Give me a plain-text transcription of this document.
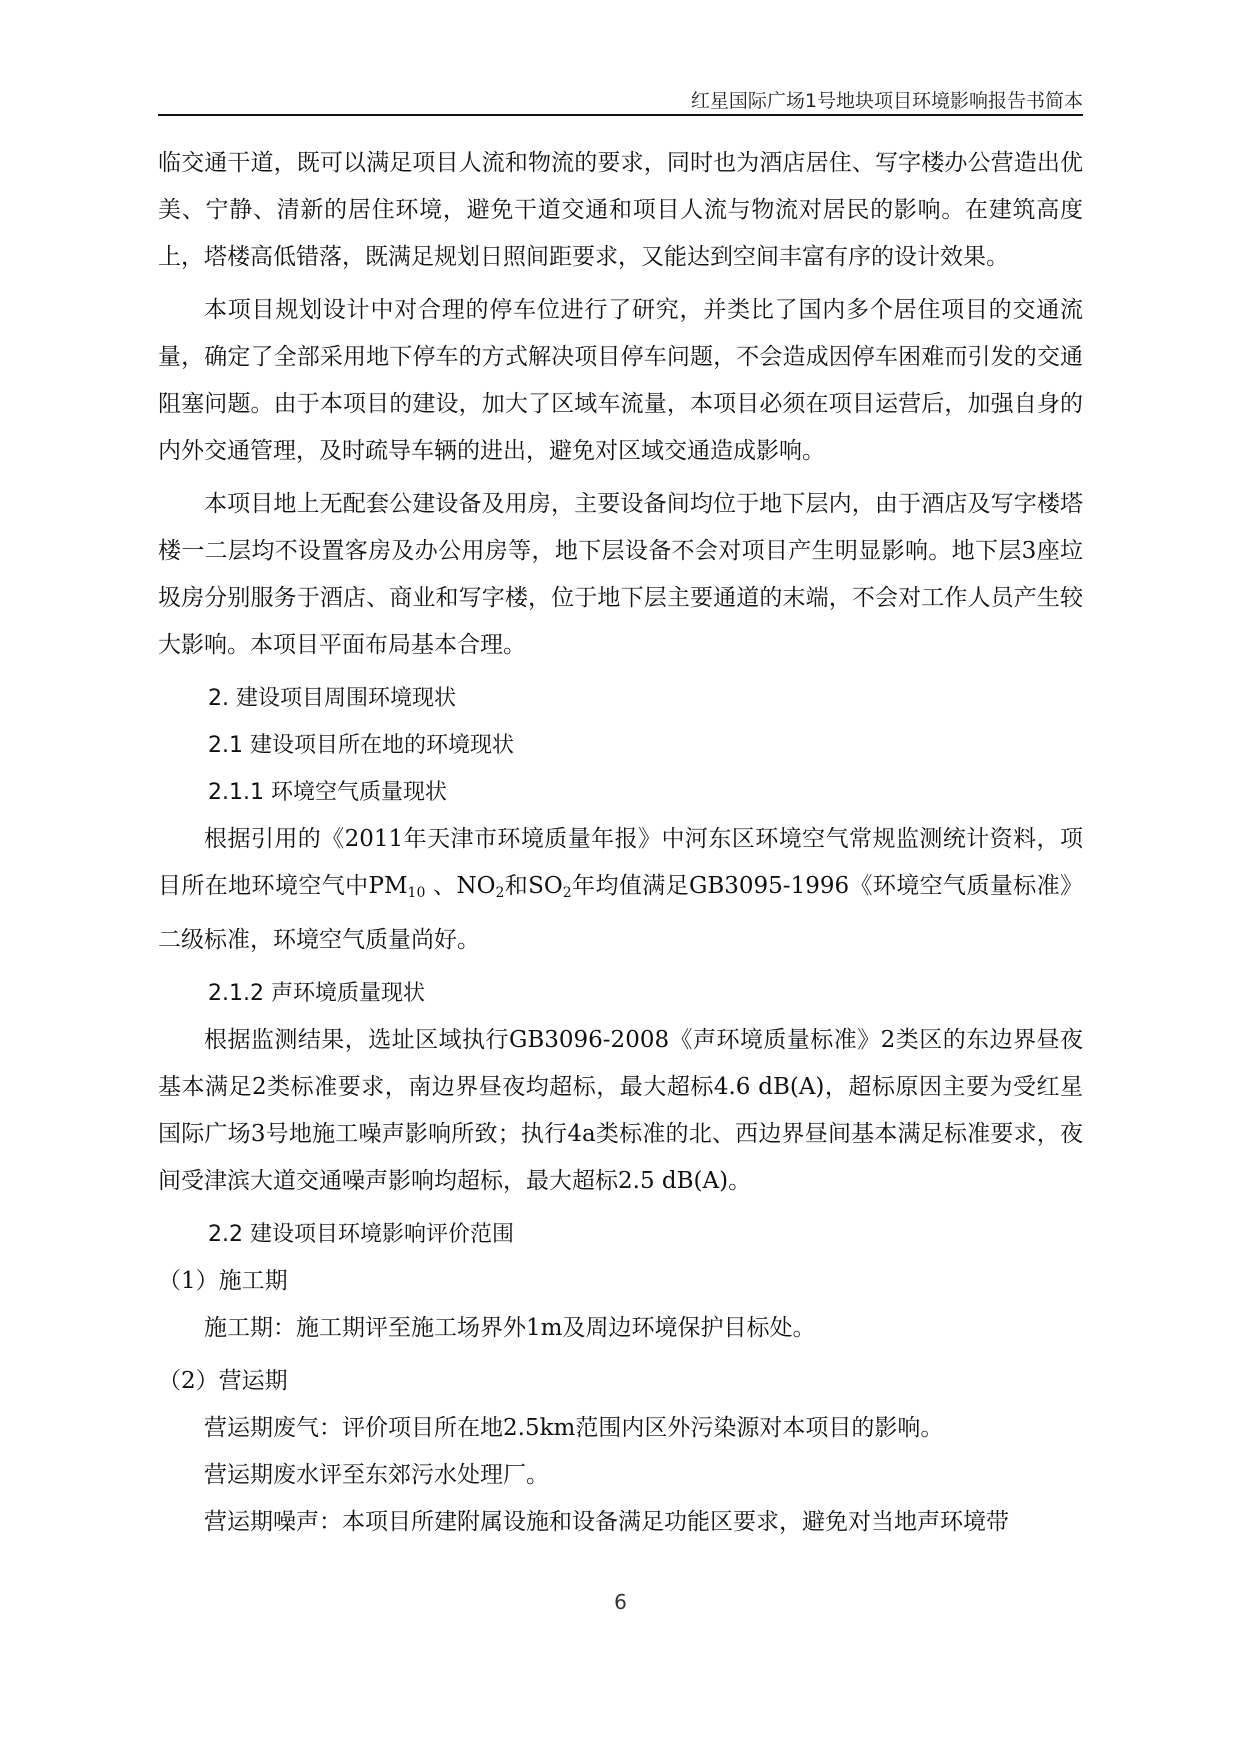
红星国际广场1号地块项目环境影响报告书简本

临交通干道，既可以满足项目人流和物流的要求，同时也为酒店居住、写字楼办公营造出优美、宁静、清新的居住环境，避免干道交通和项目人流与物流对居民的影响。在建筑高度上，塔楼高低错落，既满足规划日照间距要求，又能达到空间丰富有序的设计效果。

本项目规划设计中对合理的停车位进行了研究，并类比了国内多个居住项目的交通流量，确定了全部采用地下停车的方式解决项目停车问题，不会造成因停车困难而引发的交通阻塞问题。由于本项目的建设，加大了区域车流量，本项目必须在项目运营后，加强自身的内外交通管理，及时疏导车辆的进出，避免对区域交通造成影响。

本项目地上无配套公建设备及用房，主要设备间均位于地下层内，由于酒店及写字楼塔楼一二层均不设置客房及办公用房等，地下层设备不会对项目产生明显影响。地下层3座垃圾房分别服务于酒店、商业和写字楼，位于地下层主要通道的末端，不会对工作人员产生较大影响。本项目平面布局基本合理。

2. 建设项目周围环境现状

2.1 建设项目所在地的环境现状

2.1.1 环境空气质量现状

根据引用的《2011年天津市环境质量年报》中河东区环境空气常规监测统计资料，项目所在地环境空气中$PM_{10}$ 、$NO_2$和$SO_2$年均值满足GB3095-1996《环境空气质量标准》二级标准，环境空气质量尚好。

2.1.2 声环境质量现状

根据监测结果，选址区域执行GB3096-2008《声环境质量标准》2类区的东边界昼夜基本满足2类标准要求，南边界昼夜均超标，最大超标4.6 dB(A)，超标原因主要为受红星国际广场3号地施工噪声影响所致；执行4a类标准的北、西边界昼间基本满足标准要求，夜间受津滨大道交通噪声影响均超标，最大超标2.5 dB(A)。

2.2 建设项目环境影响评价范围

（1）施工期

施工期：施工期评至施工场界外1m及周边环境保护目标处。

（2）营运期

营运期废气：评价项目所在地2.5km范围内区外污染源对本项目的影响。

营运期废水评至东郊污水处理厂。

营运期噪声：本项目所建附属设施和设备满足功能区要求，避免对当地声环境带

6
